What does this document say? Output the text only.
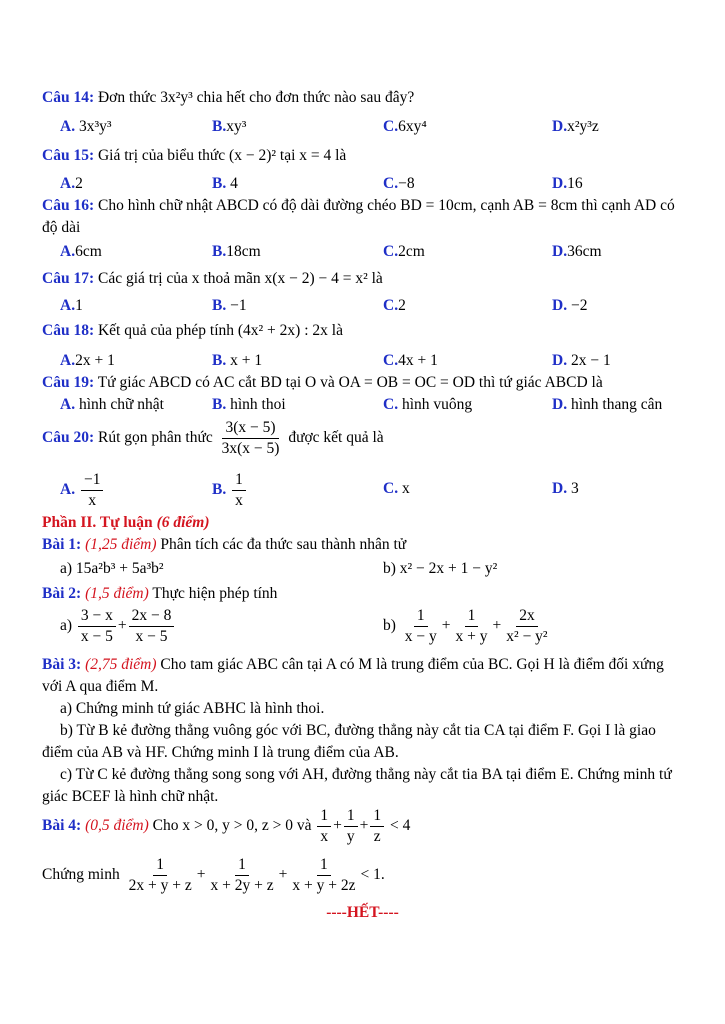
Câu 14: Đơn thức 3x²y³ chia hết cho đơn thức nào sau đây?
A. 3x³y³	B.xy³	C.6xy⁴	D.x²y³z
Câu 15: Giá trị của biểu thức (x − 2)² tại x = 4 là
A.2	B. 4	C.−8	D.16
Câu 16: Cho hình chữ nhật ABCD có độ dài đường chéo BD = 10cm, cạnh AB = 8cm thì cạnh AD có độ dài
A.6cm	B.18cm	C.2cm	D.36cm
Câu 17: Các giá trị của x thoả mãn x(x − 2) − 4 = x² là
A.1	B. −1	C.2	D. −2
Câu 18: Kết quả của phép tính (4x² + 2x) : 2x là
A.2x + 1	B. x + 1	C.4x + 1	D. 2x − 1
Câu 19: Tứ giác ABCD có AC cắt BD tại O và OA = OB = OC = OD thì tứ giác ABCD là
A. hình chữ nhật	B. hình thoi	C. hình vuông	D. hình thang cân
Câu 20: Rút gọn phân thức $\frac{3(x - 5)}{3x(x - 5)}$ được kết quả là
A. $\frac{-1}{x}$	B. $\frac{1}{x}$	C. x	D. 3
Phần II. Tự luận (6 điểm)
Bài 1: (1,25 điểm) Phân tích các đa thức sau thành nhân tử
a) 15a²b³ + 5a³b²	b) x² − 2x + 1 − y²
Bài 2: (1,5 điểm) Thực hiện phép tính
$a) \frac{3 - x}{x - 5} + \frac{2x - 8}{x - 5}$	$b) \frac{1}{x - y} + \frac{1}{x + y} + \frac{2x}{\text{x² − y²}}$
Bài 3: (2,75 điểm) Cho tam giác ABC cân tại A có M là trung điểm của BC. Gọi H là điểm đối xứng với A qua điểm M.
a) Chứng minh tứ giác ABHC là hình thoi.
b) Từ B kẻ đường thẳng vuông góc với BC, đường thẳng này cắt tia CA tại điểm F. Gọi I là giao điểm của AB và HF. Chứng minh I là trung điểm của AB.
c) Từ C kẻ đường thẳng song song với AH, đường thẳng này cắt tia BA tại điểm E. Chứng minh tứ giác BCEF là hình chữ nhật.
Bài 4: (0,5 điểm) Cho x > 0, y > 0, z > 0 và $\frac{1}{x} + \frac{1}{y} + \frac{1}{z} < 4$
Chứng minh $\frac{1}{2x + y + z} + \frac{1}{x + 2y + z} + \frac{1}{x + y + 2z} < 1$.
----HẾT----
